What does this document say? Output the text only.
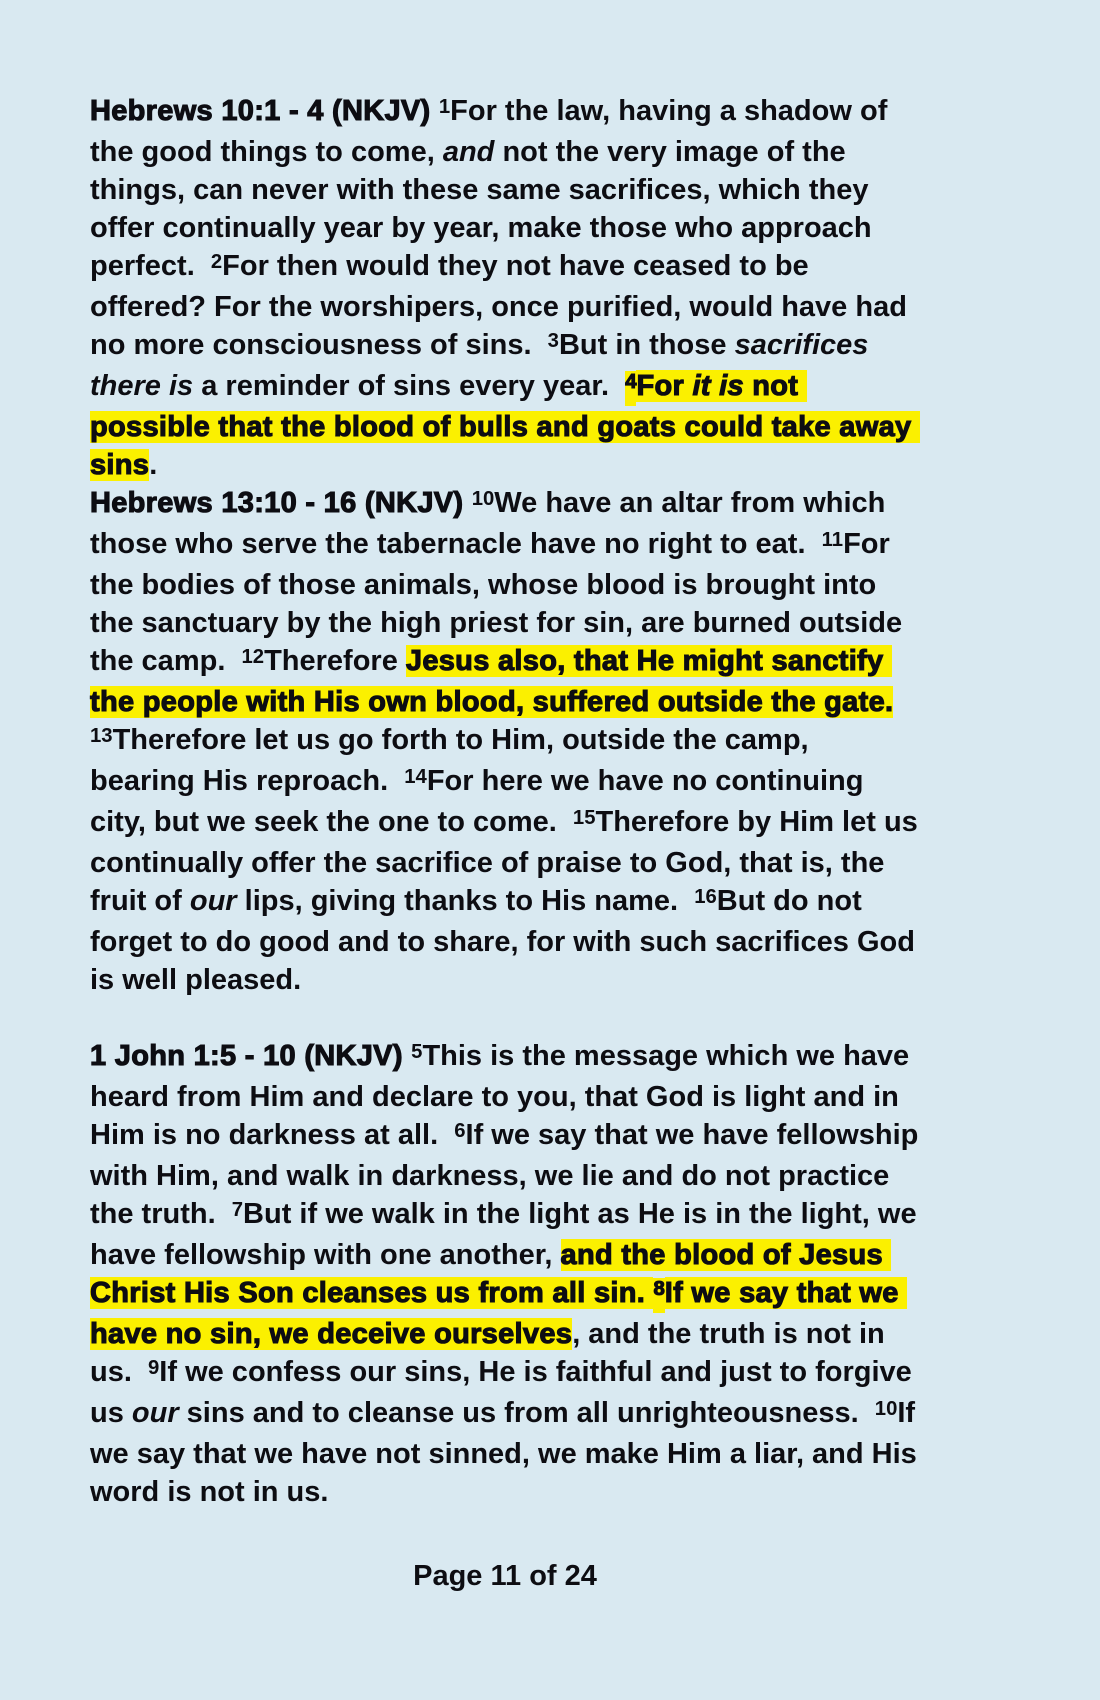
Hebrews 10:1 - 4 (NKJV) $^1$For the law, having a shadow of the good things to come, and not the very image of the things, can never with these same sacrifices, which they offer continually year by year, make those who approach perfect.  $^2$For then would they not have ceased to be offered? For the worshipers, once purified, would have had no more consciousness of sins.  $^3$But in those sacrifices there is a reminder of sins every year.  $^4$For it is not possible that the blood of bulls and goats could take away sins.

Hebrews 13:10 - 16 (NKJV) $^{10}$We have an altar from which those who serve the tabernacle have no right to eat.  $^{11}$For the bodies of those animals, whose blood is brought into the sanctuary by the high priest for sin, are burned outside the camp.  $^{12}$Therefore Jesus also, that He might sanctify the people with His own blood, suffered outside the gate. $^{13}$Therefore let us go forth to Him, outside the camp, bearing His reproach.  $^{14}$For here we have no continuing city, but we seek the one to come.  $^{15}$Therefore by Him let us continually offer the sacrifice of praise to God, that is, the fruit of our lips, giving thanks to His name.  $^{16}$But do not forget to do good and to share, for with such sacrifices God is well pleased.

1 John 1:5 - 10 (NKJV) $^5$This is the message which we have heard from Him and declare to you, that God is light and in Him is no darkness at all.  $^6$If we say that we have fellowship with Him, and walk in darkness, we lie and do not practice the truth.  $^7$But if we walk in the light as He is in the light, we have fellowship with one another, and the blood of Jesus Christ His Son cleanses us from all sin. $^8$If we say that we have no sin, we deceive ourselves, and the truth is not in us.  $^9$If we confess our sins, He is faithful and just to forgive us our sins and to cleanse us from all unrighteousness.  $^{10}$If we say that we have not sinned, we make Him a liar, and His word is not in us.

Page 11 of 24
